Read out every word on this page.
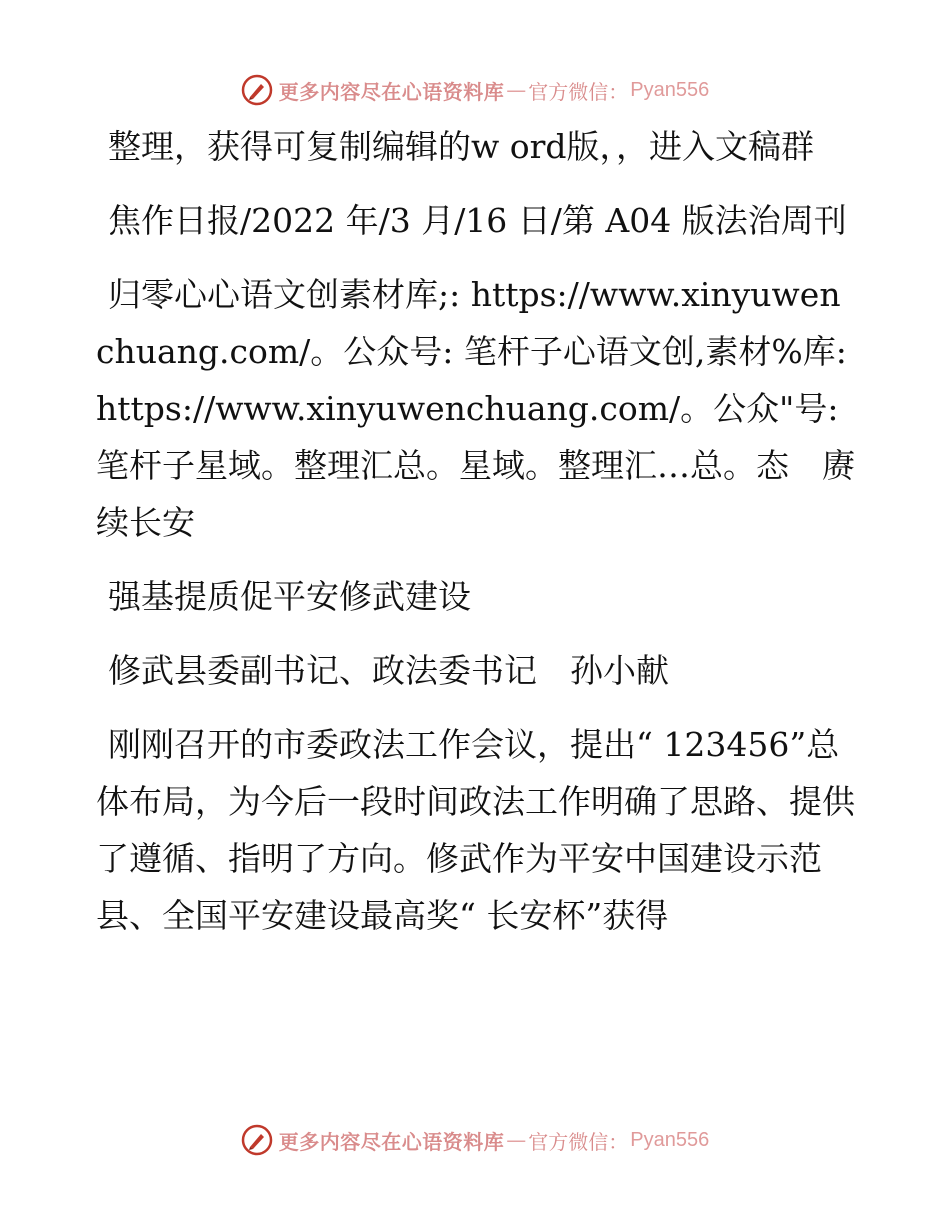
更多内容尽在心语资料库 — 官方微信： Pyan556

整理，获得可复制编辑的w ord版，，进入文稿群

焦作日报/2022 年/3 月/16 日/第 A04 版法治周刊

归零心心语文创素材库;: https://www.xinyuwenchuang.com/。公众号: 笔杆子心语文创,素材%库: https://www.xinyuwenchuang.com/。公众"号: 笔杆子星域。整理汇总。星域。整理汇…总。态　赓续长安

强基提质促平安修武建设

修武县委副书记、政法委书记　孙小献

刚刚召开的市委政法工作会议，提出“ 123456”总体布局，为今后一段时间政法工作明确了思路、提供了遵循、指明了方向。修武作为平安中国建设示范县、全国平安建设最高奖“ 长安杯”获得

更多内容尽在心语资料库 — 官方微信： Pyan556
